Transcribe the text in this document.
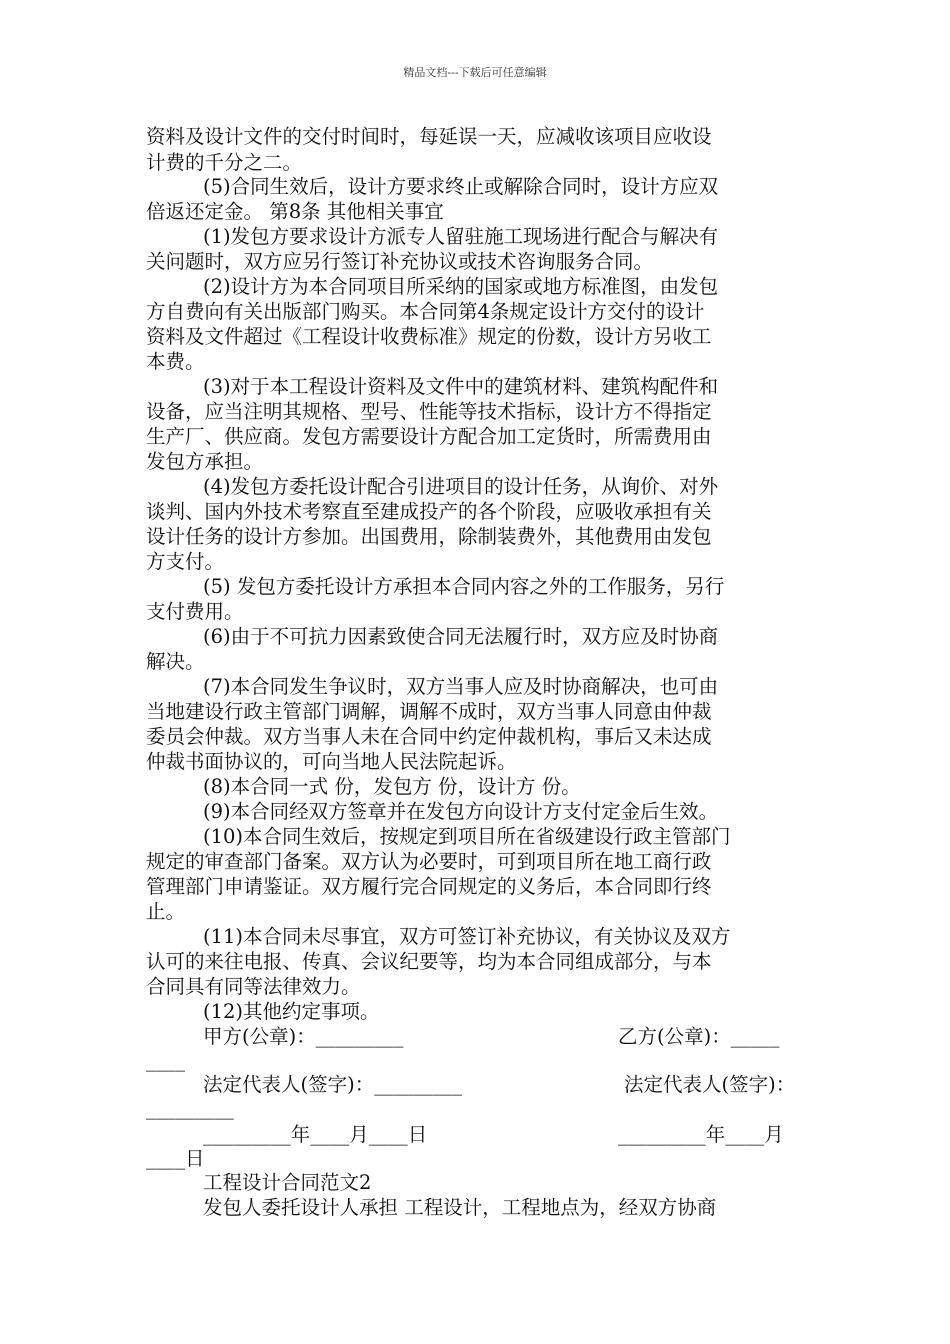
精品文档---下载后可任意编辑
资料及设计文件的交付时间时，每延误一天，应减收该项目应收设
计费的千分之二。
(5)合同生效后，设计方要求终止或解除合同时，设计方应双
倍返还定金。 第8条 其他相关事宜
(1)发包方要求设计方派专人留驻施工现场进行配合与解决有
关问题时，双方应另行签订补充协议或技术咨询服务合同。
(2)设计方为本合同项目所采纳的国家或地方标准图，由发包
方自费向有关出版部门购买。本合同第4条规定设计方交付的设计
资料及文件超过《工程设计收费标准》规定的份数，设计方另收工
本费。
(3)对于本工程设计资料及文件中的建筑材料、建筑构配件和
设备，应当注明其规格、型号、性能等技术指标，设计方不得指定
生产厂、供应商。发包方需要设计方配合加工定货时，所需费用由
发包方承担。
(4)发包方委托设计配合引进项目的设计任务，从询价、对外
谈判、国内外技术考察直至建成投产的各个阶段，应吸收承担有关
设计任务的设计方参加。出国费用，除制装费外，其他费用由发包
方支付。
(5) 发包方委托设计方承担本合同内容之外的工作服务，另行
支付费用。
(6)由于不可抗力因素致使合同无法履行时，双方应及时协商
解决。
(7)本合同发生争议时，双方当事人应及时协商解决，也可由
当地建设行政主管部门调解，调解不成时，双方当事人同意由仲裁
委员会仲裁。双方当事人未在合同中约定仲裁机构，事后又未达成
仲裁书面协议的，可向当地人民法院起诉。
(8)本合同一式 份，发包方 份，设计方 份。
(9)本合同经双方签章并在发包方向设计方支付定金后生效。
(10)本合同生效后，按规定到项目所在省级建设行政主管部门
规定的审查部门备案。双方认为必要时，可到项目所在地工商行政
管理部门申请鉴证。双方履行完合同规定的义务后，本合同即行终
止。
(11)本合同未尽事宜，双方可签订补充协议，有关协议及双方
认可的来往电报、传真、会议纪要等，均为本合同组成部分，与本
合同具有同等法律效力。
(12)其他约定事项。
甲方(公章)：_________	乙方(公章)：_____
____
法定代表人(签字)：_________	法定代表人(签字)：
_________
_________年____月____日	_________年____月
____日
工程设计合同范文2
发包人委托设计人承担 工程设计，工程地点为，经双方协商
